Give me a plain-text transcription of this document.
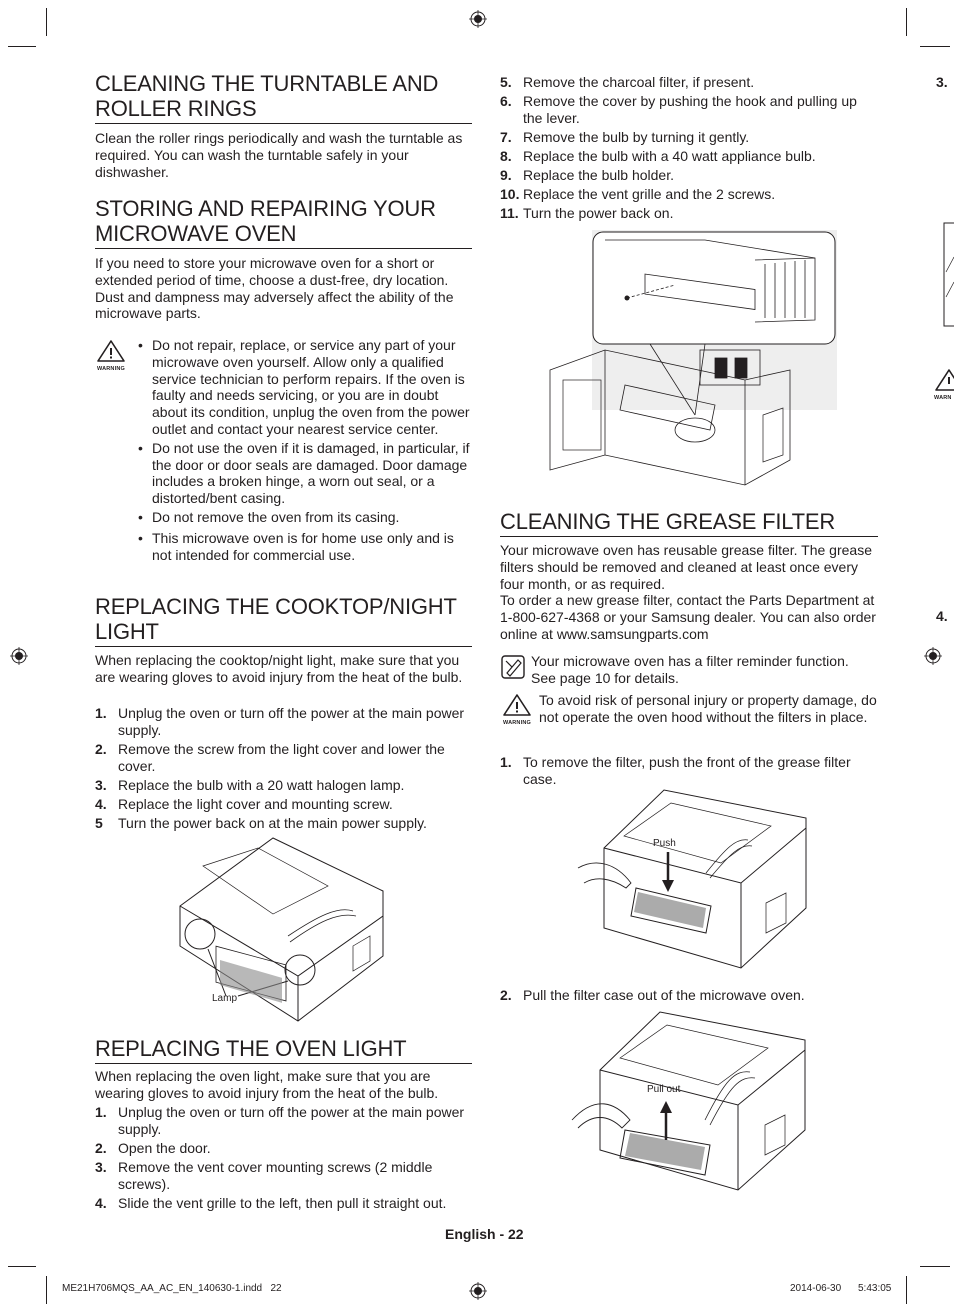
CLEANING THE TURNTABLE AND ROLLER RINGS

Clean the roller rings periodically and wash the turntable as required. You can wash the turntable safely in your dishwasher.

STORING AND REPAIRING YOUR MICROWAVE OVEN

If you need to store your microwave oven for a short or extended period of time, choose a dust-free, dry location. Dust and dampness may adversely affect the ability of the microwave parts.

WARNING
• Do not repair, replace, or service any part of your microwave oven yourself. Allow only a qualified service technician to perform repairs. If the oven is faulty and needs servicing, or you are in doubt about its condition, unplug the oven from the power outlet and contact your nearest service center.
• Do not use the oven if it is damaged, in particular, if the door or door seals are damaged. Door damage includes a broken hinge, a worn out seal, or a distorted/bent casing.
• Do not remove the oven from its casing.
• This microwave oven is for home use only and is not intended for commercial use.
REPLACING THE COOKTOP/NIGHT LIGHT

When replacing the cooktop/night light, make sure that you are wearing gloves to avoid injury from the heat of the bulb.

1. Unplug the oven or turn off the power at the main power supply.
2. Remove the screw from the light cover and lower the cover.
3. Replace the bulb with a 20 watt halogen lamp.
4. Replace the light cover and mounting screw.
5 Turn the power back on at the main power supply.
Lamp
REPLACING THE OVEN LIGHT

When replacing the oven light, make sure that you are wearing gloves to avoid injury from the heat of the bulb.

1. Unplug the oven or turn off the power at the main power supply.
2. Open the door.
3. Remove the vent cover mounting screws (2 middle screws).
4. Slide the vent grille to the left, then pull it straight out.
5. Remove the charcoal filter, if present.
6. Remove the cover by pushing the hook and pulling up the lever.
7. Remove the bulb by turning it gently.
8. Replace the bulb with a 40 watt appliance bulb.
9. Replace the bulb holder.
10. Replace the vent grille and the 2 screws.
11. Turn the power back on.
CLEANING THE GREASE FILTER

Your microwave oven has reusable grease filter. The grease filters should be removed and cleaned at least once every four month, or as required.

To order a new grease filter, contact the Parts Department at 1-800-627-4368 or your Samsung dealer. You can also order online at www.samsungparts.com

Your microwave oven has a filter reminder function. See page 10 for details.

WARNING

To avoid risk of personal injury or property damage, do not operate the oven hood without the filters in place.

1. To remove the filter, push the front of the grease filter case.
Push
2. Pull the filter case out of the microwave oven.
Pull out
3.
WARN
4.
English - 22
ME21H706MQS_AA_AC_EN_140630-1.indd   22	2014-06-30 5:43:05
